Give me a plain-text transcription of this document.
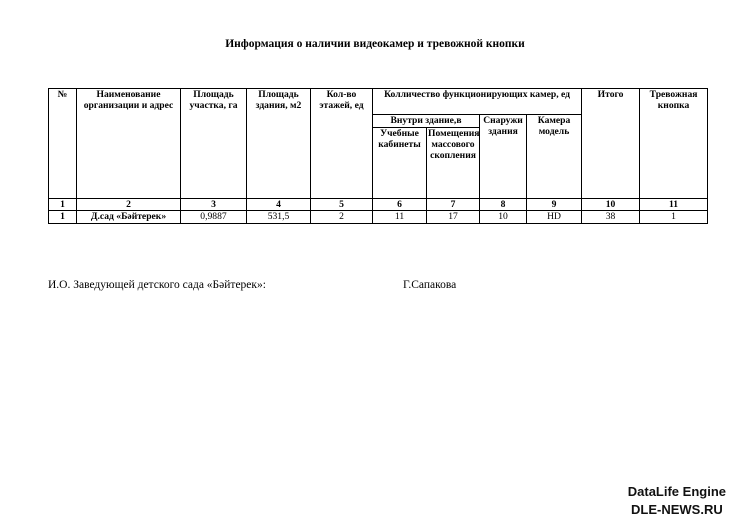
Информация о наличии видеокамер и тревожной кнопки
№	Наименование организации и адрес	Площадь участка, га	Площадь здания, м2	Кол-во этажей, ед	Колличество функционирующих камер, ед				Итого	Тревожная кнопка
					Внутри здание,в		Снаружи здания	Камера модель		
					Учебные кабинеты	Помещения массового скопления				
1	2	3	4	5	6	7	8	9	10	11
1	Д.сад «Бәйтерек»	0,9887	531,5	2	11	17	10	HD	38	1
И.О. Заведующей детского сада «Бәйтерек»:	Г.Сапакова
DataLife Engine
DLE-NEWS.RU
